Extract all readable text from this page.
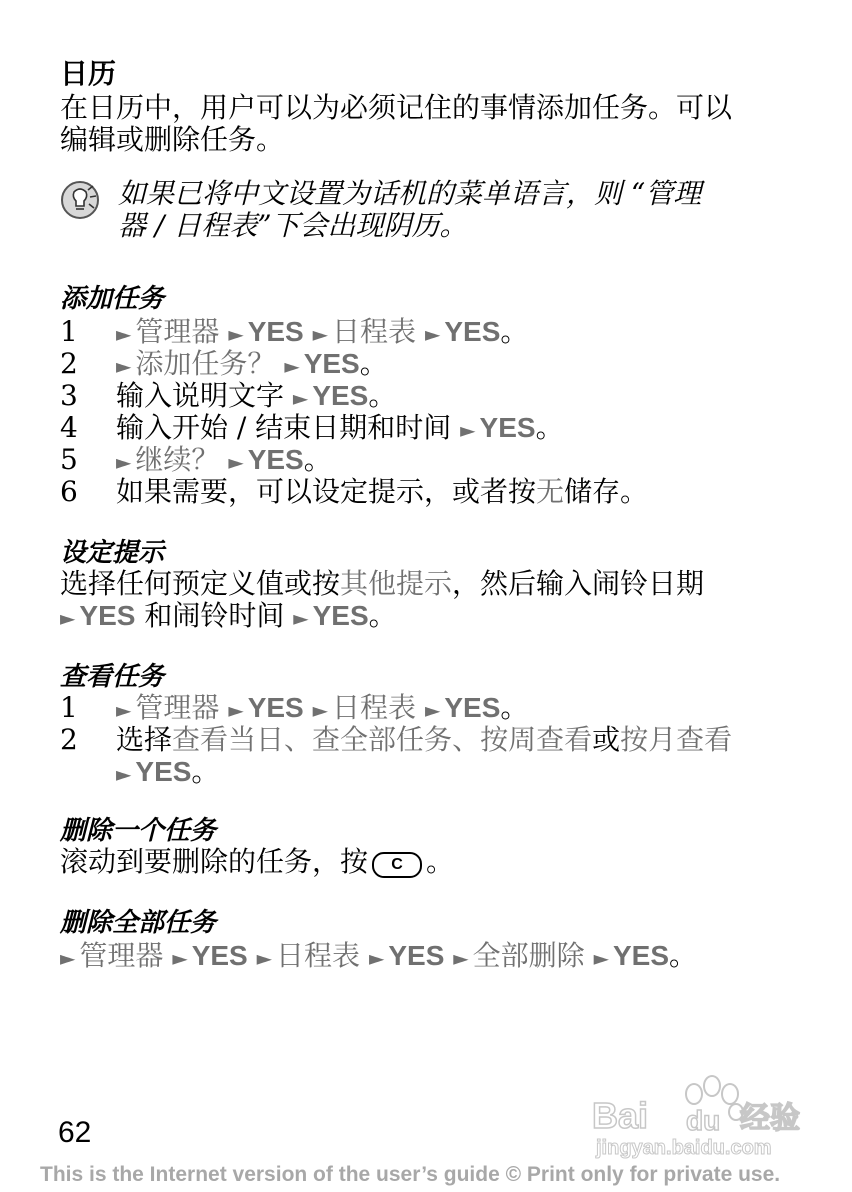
日历
在日历中，用户可以为必须记住的事情添加任务。可以
编辑或删除任务。
如果已将中文设置为话机的菜单语言，则 “管理
器 / 日程表”下会出现阴历。
添加任务
1	► 管理器 ► YES ► 日程表 ► YES。
2	► 添加任务？ ► YES。
3	输入说明文字 ► YES。
4	输入开始 / 结束日期和时间 ► YES。
5	► 继续？ ► YES。
6	如果需要，可以设定提示，或者按无储存。
设定提示
选择任何预定义值或按其他提示，然后输入闹铃日期
► YES 和闹铃时间 ► YES。
查看任务
1	► 管理器 ► YES ► 日程表 ► YES。
2	选择查看当日、查全部任务、按周查看或按月查看
► YES。
删除一个任务
滚动到要删除的任务，按 C 。
删除全部任务
► 管理器 ► YES ► 日程表 ► YES ► 全部删除 ► YES。
Bai du 经验
jingyan.baidu.com
62
This is the Internet version of the user’s guide © Print only for private use.
